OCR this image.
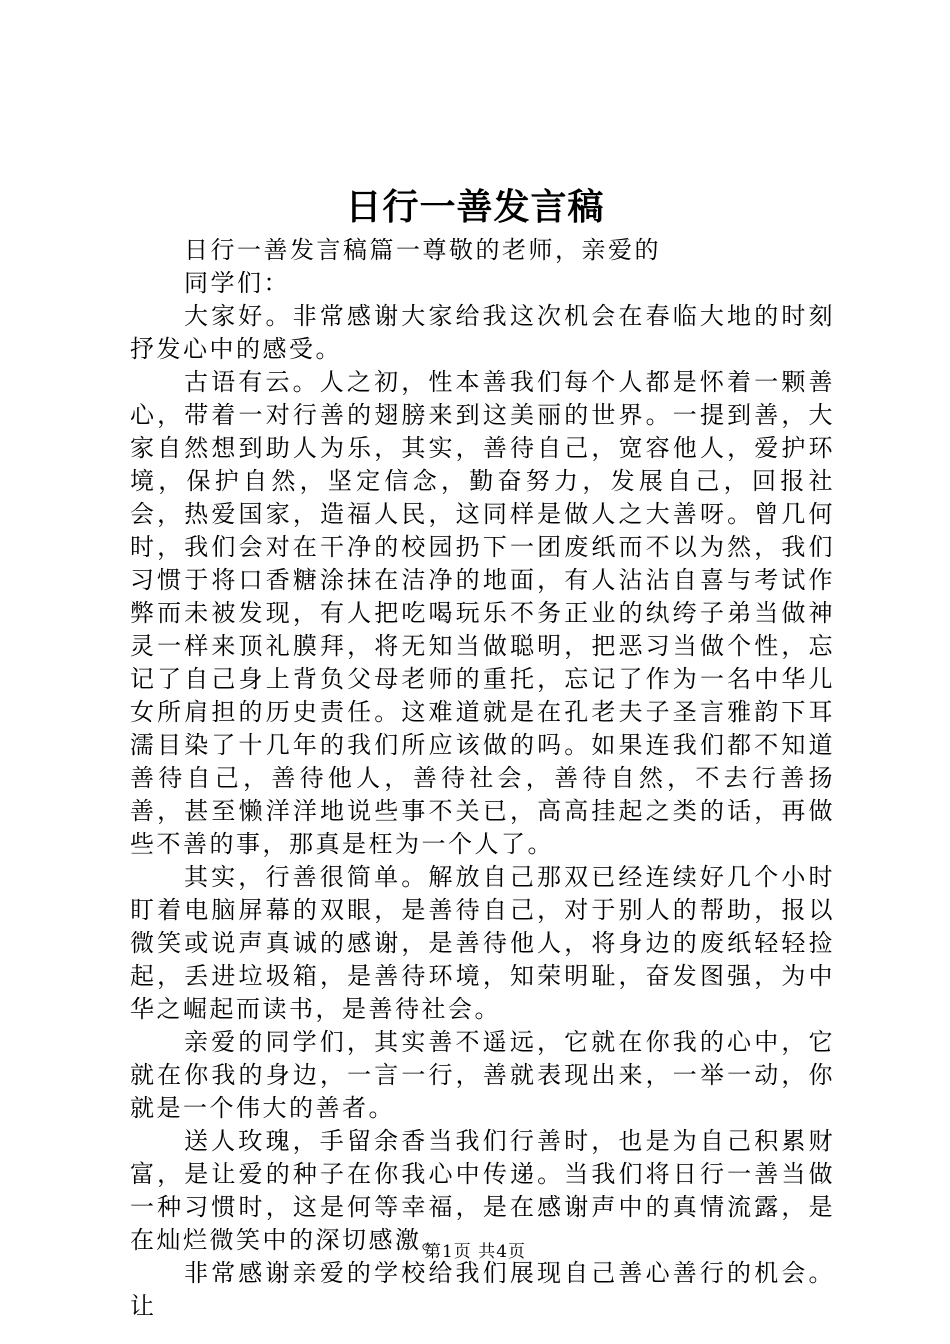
日行一善发言稿

日行一善发言稿篇一尊敬的老师，亲爱的

同学们：

大家好。非常感谢大家给我这次机会在春临大地的时刻抒发心中的感受。

古语有云。人之初，性本善我们每个人都是怀着一颗善心，带着一对行善的翅膀来到这美丽的世界。一提到善，大家自然想到助人为乐，其实，善待自己，宽容他人，爱护环境，保护自然，坚定信念，勤奋努力，发展自己，回报社会，热爱国家，造福人民，这同样是做人之大善呀。曾几何时，我们会对在干净的校园扔下一团废纸而不以为然，我们习惯于将口香糖涂抹在洁净的地面，有人沾沾自喜与考试作弊而未被发现，有人把吃喝玩乐不务正业的纨绔子弟当做神灵一样来顶礼膜拜，将无知当做聪明，把恶习当做个性，忘记了自己身上背负父母老师的重托，忘记了作为一名中华儿女所肩担的历史责任。这难道就是在孔老夫子圣言雅韵下耳濡目染了十几年的我们所应该做的吗。如果连我们都不知道善待自己，善待他人，善待社会，善待自然，不去行善扬善，甚至懒洋洋地说些事不关已，高高挂起之类的话，再做些不善的事，那真是枉为一个人了。

其实，行善很简单。解放自己那双已经连续好几个小时盯着电脑屏幕的双眼，是善待自己，对于别人的帮助，报以微笑或说声真诚的感谢，是善待他人，将身边的废纸轻轻捡起，丢进垃圾箱，是善待环境，知荣明耻，奋发图强，为中华之崛起而读书，是善待社会。

亲爱的同学们，其实善不遥远，它就在你我的心中，它就在你我的身边，一言一行，善就表现出来，一举一动，你就是一个伟大的善者。

送人玫瑰，手留余香当我们行善时，也是为自己积累财富，是让爱的种子在你我心中传递。当我们将日行一善当做一种习惯时，这是何等幸福，是在感谢声中的真情流露，是在灿烂微笑中的深切感激。

非常感谢亲爱的学校给我们展现自己善心善行的机会。让

第1页 共4页
